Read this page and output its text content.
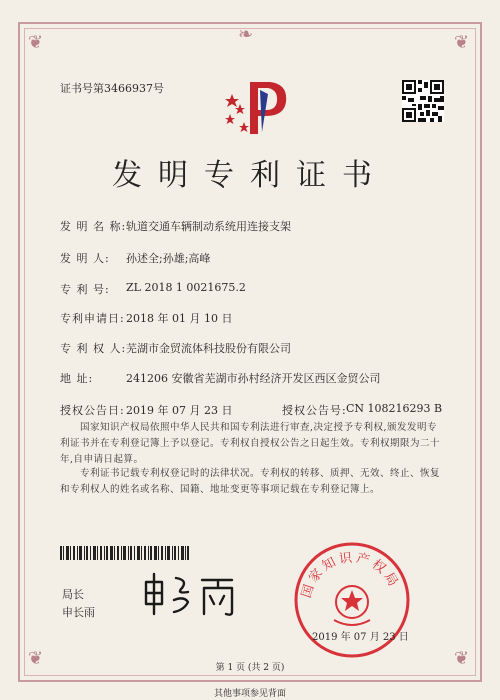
❦	❦
❦	❦
❧
证书号第3466937号
发明专利证书
发 明 名 称: 轨道交通车辆制动系统用连接支架
发 明 人: 孙述全;孙雄;高峰
专 利 号: ZL 2018 1 0021675.2
专利申请日: 2018 年 01 月 10 日
专 利 权 人: 芜湖市金贸流体科技股份有限公司
地 址:	241206 安徽省芜湖市孙村经济开发区西区金贸公司
授权公告日: 2019 年 07 月 23 日	授权公告号: CN 108216293 B
国家知识产权局依照中华人民共和国专利法进行审查,决定授予专利权,颁发发明专利证书并在专利登记簿上予以登记。专利权自授权公告之日起生效。专利权期限为二十年,自申请日起算。
专利证书记载专利权登记时的法律状况。专利权的转移、质押、无效、终止、恢复和专利权人的姓名或名称、国籍、地址变更等事项记载在专利登记簿上。
局长
申长雨
国家知识产权局
2019 年 07 月 23 日
第 1 页 (共 2 页)
其他事项参见背面
